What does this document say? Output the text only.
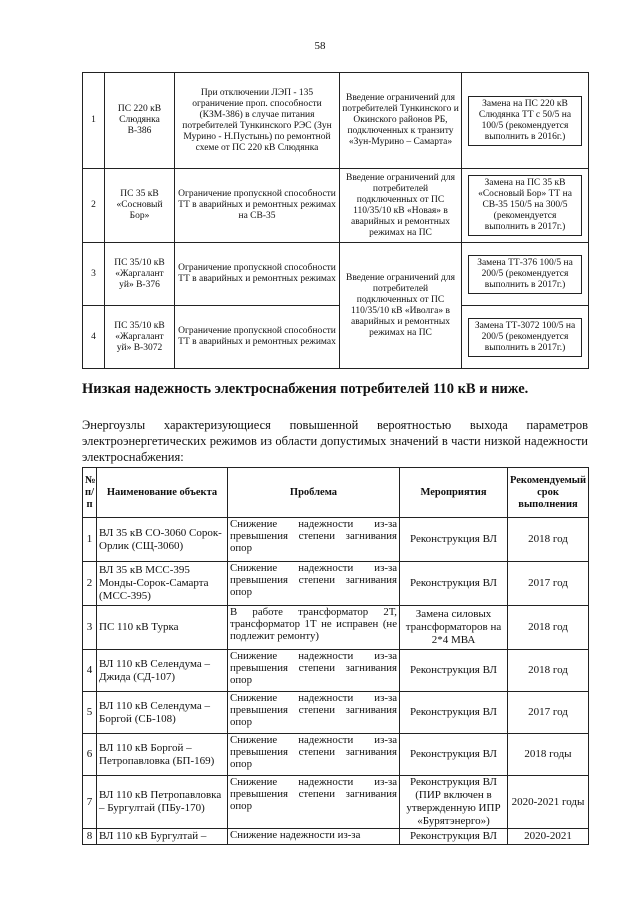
58
1	ПС 220 кВ Слюдянка В-386	При отключении ЛЭП - 135 ограничение проп. способности (КЗМ-386) в случае питания потребителей Тункинского РЭС (Зун Мурино - Н.Пустынь) по ремонтной схеме от ПС 220 кВ Слюдянка	Введение ограничений для потребителей Тункинского и Окинского районов РБ, подключенных к транзиту «Зун-Мурино – Самарта»	Замена на ПС 220 кВ Слюдянка ТТ с 50/5 на 100/5 (рекомендуется выполнить в 2016г.)

2	ПС 35 кВ «Сосновый Бор»	Ограничение пропускной способности ТТ в аварийных и ремонтных режимах на СВ-35	Введение ограничений для потребителей подключенных от ПС 110/35/10 кВ «Новая» в аварийных и ремонтных режимах на ПС	Замена на ПС 35 кВ «Сосновый Бор» ТТ на СВ-35 150/5 на 300/5 (рекомендуется выполнить в 2017г.)

3	ПС 35/10 кВ «Жаргалант уй» В-376	Ограничение пропускной способности ТТ в аварийных и ремонтных режимах	Введение ограничений для потребителей подключенных от ПС 110/35/10 кВ «Иволга» в аварийных и ремонтных режимах на ПС	Замена ТТ-376 100/5 на 200/5 (рекомендуется выполнить в 2017г.)

4	ПС 35/10 кВ «Жаргалант уй» В-3072	Ограничение пропускной способности ТТ в аварийных и ремонтных режимах		Замена ТТ-3072 100/5 на 200/5 (рекомендуется выполнить в 2017г.)
Низкая надежность электроснабжения потребителей 110 кВ и ниже.
Энергоузлы характеризующиеся повышенной вероятностью выхода параметров электроэнергетических режимов из области допустимых значений в части низкой надежности электроснабжения:
№ п/п	Наименование объекта	Проблема	Мероприятия	Рекомендуемый срок выполнения
1	ВЛ 35 кВ СО-3060 Сорок-Орлик (СЩ-3060)	Снижение надежности из-за превышения степени загнивания опор	Реконструкция ВЛ	2018 год
2	ВЛ 35 кВ МСС-395 Монды-Сорок-Самарта (МСС-395)	Снижение надежности из-за превышения степени загнивания опор	Реконструкция ВЛ	2017 год
3	ПС 110 кВ Турка	В работе трансформатор 2Т, трансформатор 1Т не исправен (не подлежит ремонту)	Замена силовых трансформаторов на 2*4 МВА	2018 год
4	ВЛ 110 кВ Селендума – Джида (СД-107)	Снижение надежности из-за превышения степени загнивания опор	Реконструкция ВЛ	2018 год
5	ВЛ 110 кВ Селендума – Боргой (СБ-108)	Снижение надежности из-за превышения степени загнивания опор	Реконструкция ВЛ	2017 год
6	ВЛ 110 кВ Боргой – Петропавловка (БП-169)	Снижение надежности из-за превышения степени загнивания опор	Реконструкция ВЛ	2018 годы
7	ВЛ 110 кВ Петропавловка – Бургултай (ПБу-170)	Снижение надежности из-за превышения степени загнивания опор	Реконструкция ВЛ (ПИР включен в утвержденную ИПР «Бурятэнерго»)	2020-2021 годы
8	ВЛ 110 кВ Бургултай –	Снижение надежности из-за	Реконструкция ВЛ	2020-2021
